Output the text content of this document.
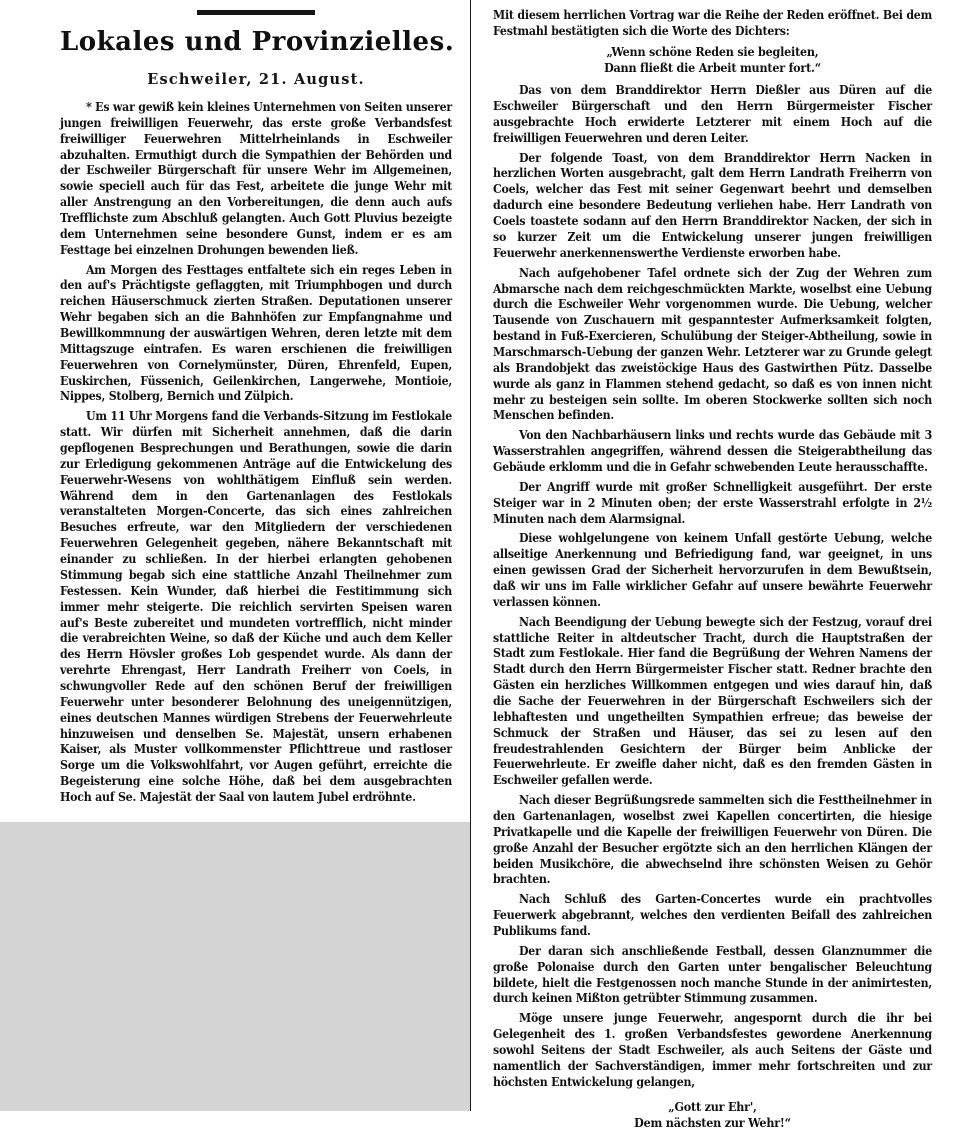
Lokales und Provinzielles.
Eschweiler, 21. August.

* Es war gewiß kein kleines Unternehmen von Seiten unserer jungen freiwilligen Feuerwehr, das erste große Verbandsfest freiwilliger Feuerwehren Mittelrheinlands in Eschweiler abzuhalten. Ermuthigt durch die Sympathien der Behörden und der Eschweiler Bürgerschaft für unsere Wehr im Allgemeinen, sowie speciell auch für das Fest, arbeitete die junge Wehr mit aller Anstrengung an den Vorbereitungen, die denn auch aufs Trefflichste zum Abschluß gelangten. Auch Gott Pluvius bezeigte dem Unternehmen seine besondere Gunst, indem er es am Festtage bei einzelnen Drohungen bewenden ließ.

Am Morgen des Festtages entfaltete sich ein reges Leben in den auf's Prächtigste geflaggten, mit Triumphbogen und durch reichen Häuserschmuck zierten Straßen. Deputationen unserer Wehr begaben sich an die Bahnhöfen zur Empfangnahme und Bewillkommnung der auswärtigen Wehren, deren letzte mit dem Mittagszuge eintrafen. Es waren erschienen die freiwilligen Feuerwehren von Cornelymünster, Düren, Ehrenfeld, Eupen, Euskirchen, Füssenich, Geilenkirchen, Langerwehe, Montioie, Nippes, Stolberg, Bernich und Zülpich.

Um 11 Uhr Morgens fand die Verbands-Sitzung im Festlokale statt. Wir dürfen mit Sicherheit annehmen, daß die darin gepflogenen Besprechungen und Berathungen, sowie die darin zur Erledigung gekommenen Anträge auf die Entwickelung des Feuerwehr-Wesens von wohlthätigem Einfluß sein werden. Während dem in den Gartenanlagen des Festlokals veranstalteten Morgen-Concerte, das sich eines zahlreichen Besuches erfreute, war den Mitgliedern der verschiedenen Feuerwehren Gelegenheit gegeben, nähere Bekanntschaft mit einander zu schließen. In der hierbei erlangten gehobenen Stimmung begab sich eine stattliche Anzahl Theilnehmer zum Festessen. Kein Wunder, daß hierbei die Festitimmung sich immer mehr steigerte. Die reichlich servirten Speisen waren auf's Beste zubereitet und mundeten vortrefflich, nicht minder die verabreichten Weine, so daß der Küche und auch dem Keller des Herrn Hövsler großes Lob gespendet wurde. Als dann der verehrte Ehrengast, Herr Landrath Freiherr von Coels, in schwungvoller Rede auf den schönen Beruf der freiwilligen Feuerwehr unter besonderer Belohnung des uneigennützigen, eines deutschen Mannes würdigen Strebens der Feuerwehrleute hinzuweisen und denselben Se. Majestät, unsern erhabenen Kaiser, als Muster vollkommenster Pflichttreue und rastloser Sorge um die Volkswohlfahrt, vor Augen geführt, erreichte die Begeisterung eine solche Höhe, daß bei dem ausgebrachten Hoch auf Se. Majestät der Saal von lautem Jubel erdröhnte.

Mit diesem herrlichen Vortrag war die Reihe der Reden eröffnet. Bei dem Festmahl bestätigten sich die Worte des Dichters:

„Wenn schöne Reden sie begleiten,
Dann fließt die Arbeit munter fort.“

Das von dem Branddirektor Herrn Dießler aus Düren auf die Eschweiler Bürgerschaft und den Herrn Bürgermeister Fischer ausgebrachte Hoch erwiderte Letzterer mit einem Hoch auf die freiwilligen Feuerwehren und deren Leiter.

Der folgende Toast, von dem Branddirektor Herrn Nacken in herzlichen Worten ausgebracht, galt dem Herrn Landrath Freiherrn von Coels, welcher das Fest mit seiner Gegenwart beehrt und demselben dadurch eine besondere Bedeutung verliehen habe. Herr Landrath von Coels toastete sodann auf den Herrn Branddirektor Nacken, der sich in so kurzer Zeit um die Entwickelung unserer jungen freiwilligen Feuerwehr anerkennenswerthe Verdienste erworben habe.

Nach aufgehobener Tafel ordnete sich der Zug der Wehren zum Abmarsche nach dem reichgeschmückten Markte, woselbst eine Uebung durch die Eschweiler Wehr vorgenommen wurde. Die Uebung, welcher Tausende von Zuschauern mit gespanntester Aufmerksamkeit folgten, bestand in Fuß-Exercieren, Schulübung der Steiger-Abtheilung, sowie in Marschmarsch-Uebung der ganzen Wehr. Letzterer war zu Grunde gelegt als Brandobjekt das zweistöckige Haus des Gastwirthen Pütz. Dasselbe wurde als ganz in Flammen stehend gedacht, so daß es von innen nicht mehr zu besteigen sein sollte. Im oberen Stockwerke sollten sich noch Menschen befinden.

Von den Nachbarhäusern links und rechts wurde das Gebäude mit 3 Wasserstrahlen angegriffen, während dessen die Steigerabtheilung das Gebäude erklomm und die in Gefahr schwebenden Leute herausschaffte.

Der Angriff wurde mit großer Schnelligkeit ausgeführt. Der erste Steiger war in 2 Minuten oben; der erste Wasserstrahl erfolgte in 2½ Minuten nach dem Alarmsignal.

Diese wohlgelungene von keinem Unfall gestörte Uebung, welche allseitige Anerkennung und Befriedigung fand, war geeignet, in uns einen gewissen Grad der Sicherheit hervorzurufen in dem Bewußtsein, daß wir uns im Falle wirklicher Gefahr auf unsere bewährte Feuerwehr verlassen können.

Nach Beendigung der Uebung bewegte sich der Festzug, vorauf drei stattliche Reiter in altdeutscher Tracht, durch die Hauptstraßen der Stadt zum Festlokale. Hier fand die Begrüßung der Wehren Namens der Stadt durch den Herrn Bürgermeister Fischer statt. Redner brachte den Gästen ein herzliches Willkommen entgegen und wies darauf hin, daß die Sache der Feuerwehren in der Bürgerschaft Eschweilers sich der lebhaftesten und ungetheilten Sympathien erfreue; das beweise der Schmuck der Straßen und Häuser, das sei zu lesen auf den freudestrahlenden Gesichtern der Bürger beim Anblicke der Feuerwehrleute. Er zweifle daher nicht, daß es den fremden Gästen in Eschweiler gefallen werde.

Nach dieser Begrüßungsrede sammelten sich die Festtheilnehmer in den Gartenanlagen, woselbst zwei Kapellen concertirten, die hiesige Privatkapelle und die Kapelle der freiwilligen Feuerwehr von Düren. Die große Anzahl der Besucher ergötzte sich an den herrlichen Klängen der beiden Musikchöre, die abwechselnd ihre schönsten Weisen zu Gehör brachten.

Nach Schluß des Garten-Concertes wurde ein prachtvolles Feuerwerk abgebrannt, welches den verdienten Beifall des zahlreichen Publikums fand.

Der daran sich anschließende Festball, dessen Glanznummer die große Polonaise durch den Garten unter bengalischer Beleuchtung bildete, hielt die Festgenossen noch manche Stunde in der animirtesten, durch keinen Mißton getrübter Stimmung zusammen.

Möge unsere junge Feuerwehr, angespornt durch die ihr bei Gelegenheit des 1. großen Verbandsfestes gewordene Anerkennung sowohl Seitens der Stadt Eschweiler, als auch Seitens der Gäste und namentlich der Sachverständigen, immer mehr fortschreiten und zur höchsten Entwickelung gelangen,

„Gott zur Ehr',
Dem nächsten zur Wehr!“
